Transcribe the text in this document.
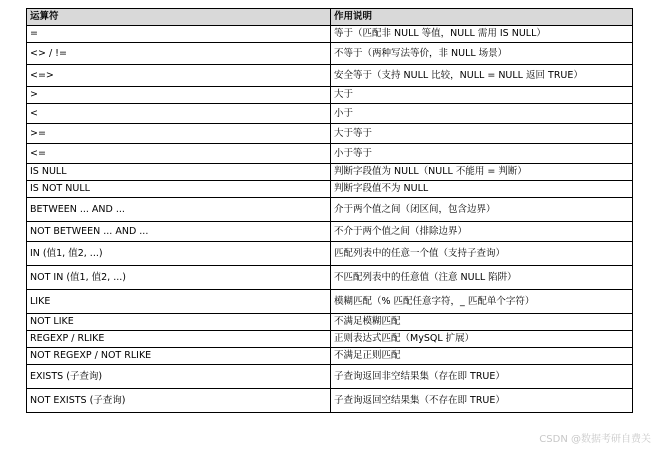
运算符	作用说明
=	等于（匹配非 NULL 等值，NULL 需用 IS NULL）
<> / !=	不等于（两种写法等价，非 NULL 场景）
<=>	安全等于（支持 NULL 比较，NULL = NULL 返回 TRUE）
>	大于
<	小于
>=	大于等于
<=	小于等于
IS NULL	判断字段值为 NULL（NULL 不能用 = 判断）
IS NOT NULL	判断字段值不为 NULL
BETWEEN ... AND ...	介于两个值之间（闭区间，包含边界）
NOT BETWEEN ... AND ...	不介于两个值之间（排除边界）
IN (值1, 值2, ...)	匹配列表中的任意一个值（支持子查询）
NOT IN (值1, 值2, ...)	不匹配列表中的任意值（注意 NULL 陷阱）
LIKE	模糊匹配（% 匹配任意字符，_ 匹配单个字符）
NOT LIKE	不满足模糊匹配
REGEXP / RLIKE	正则表达式匹配（MySQL 扩展）
NOT REGEXP / NOT RLIKE	不满足正则匹配
EXISTS (子查询)	子查询返回非空结果集（存在即 TRUE）
NOT EXISTS (子查询)	子查询返回空结果集（不存在即 TRUE）
CSDN @数据考研自费关
